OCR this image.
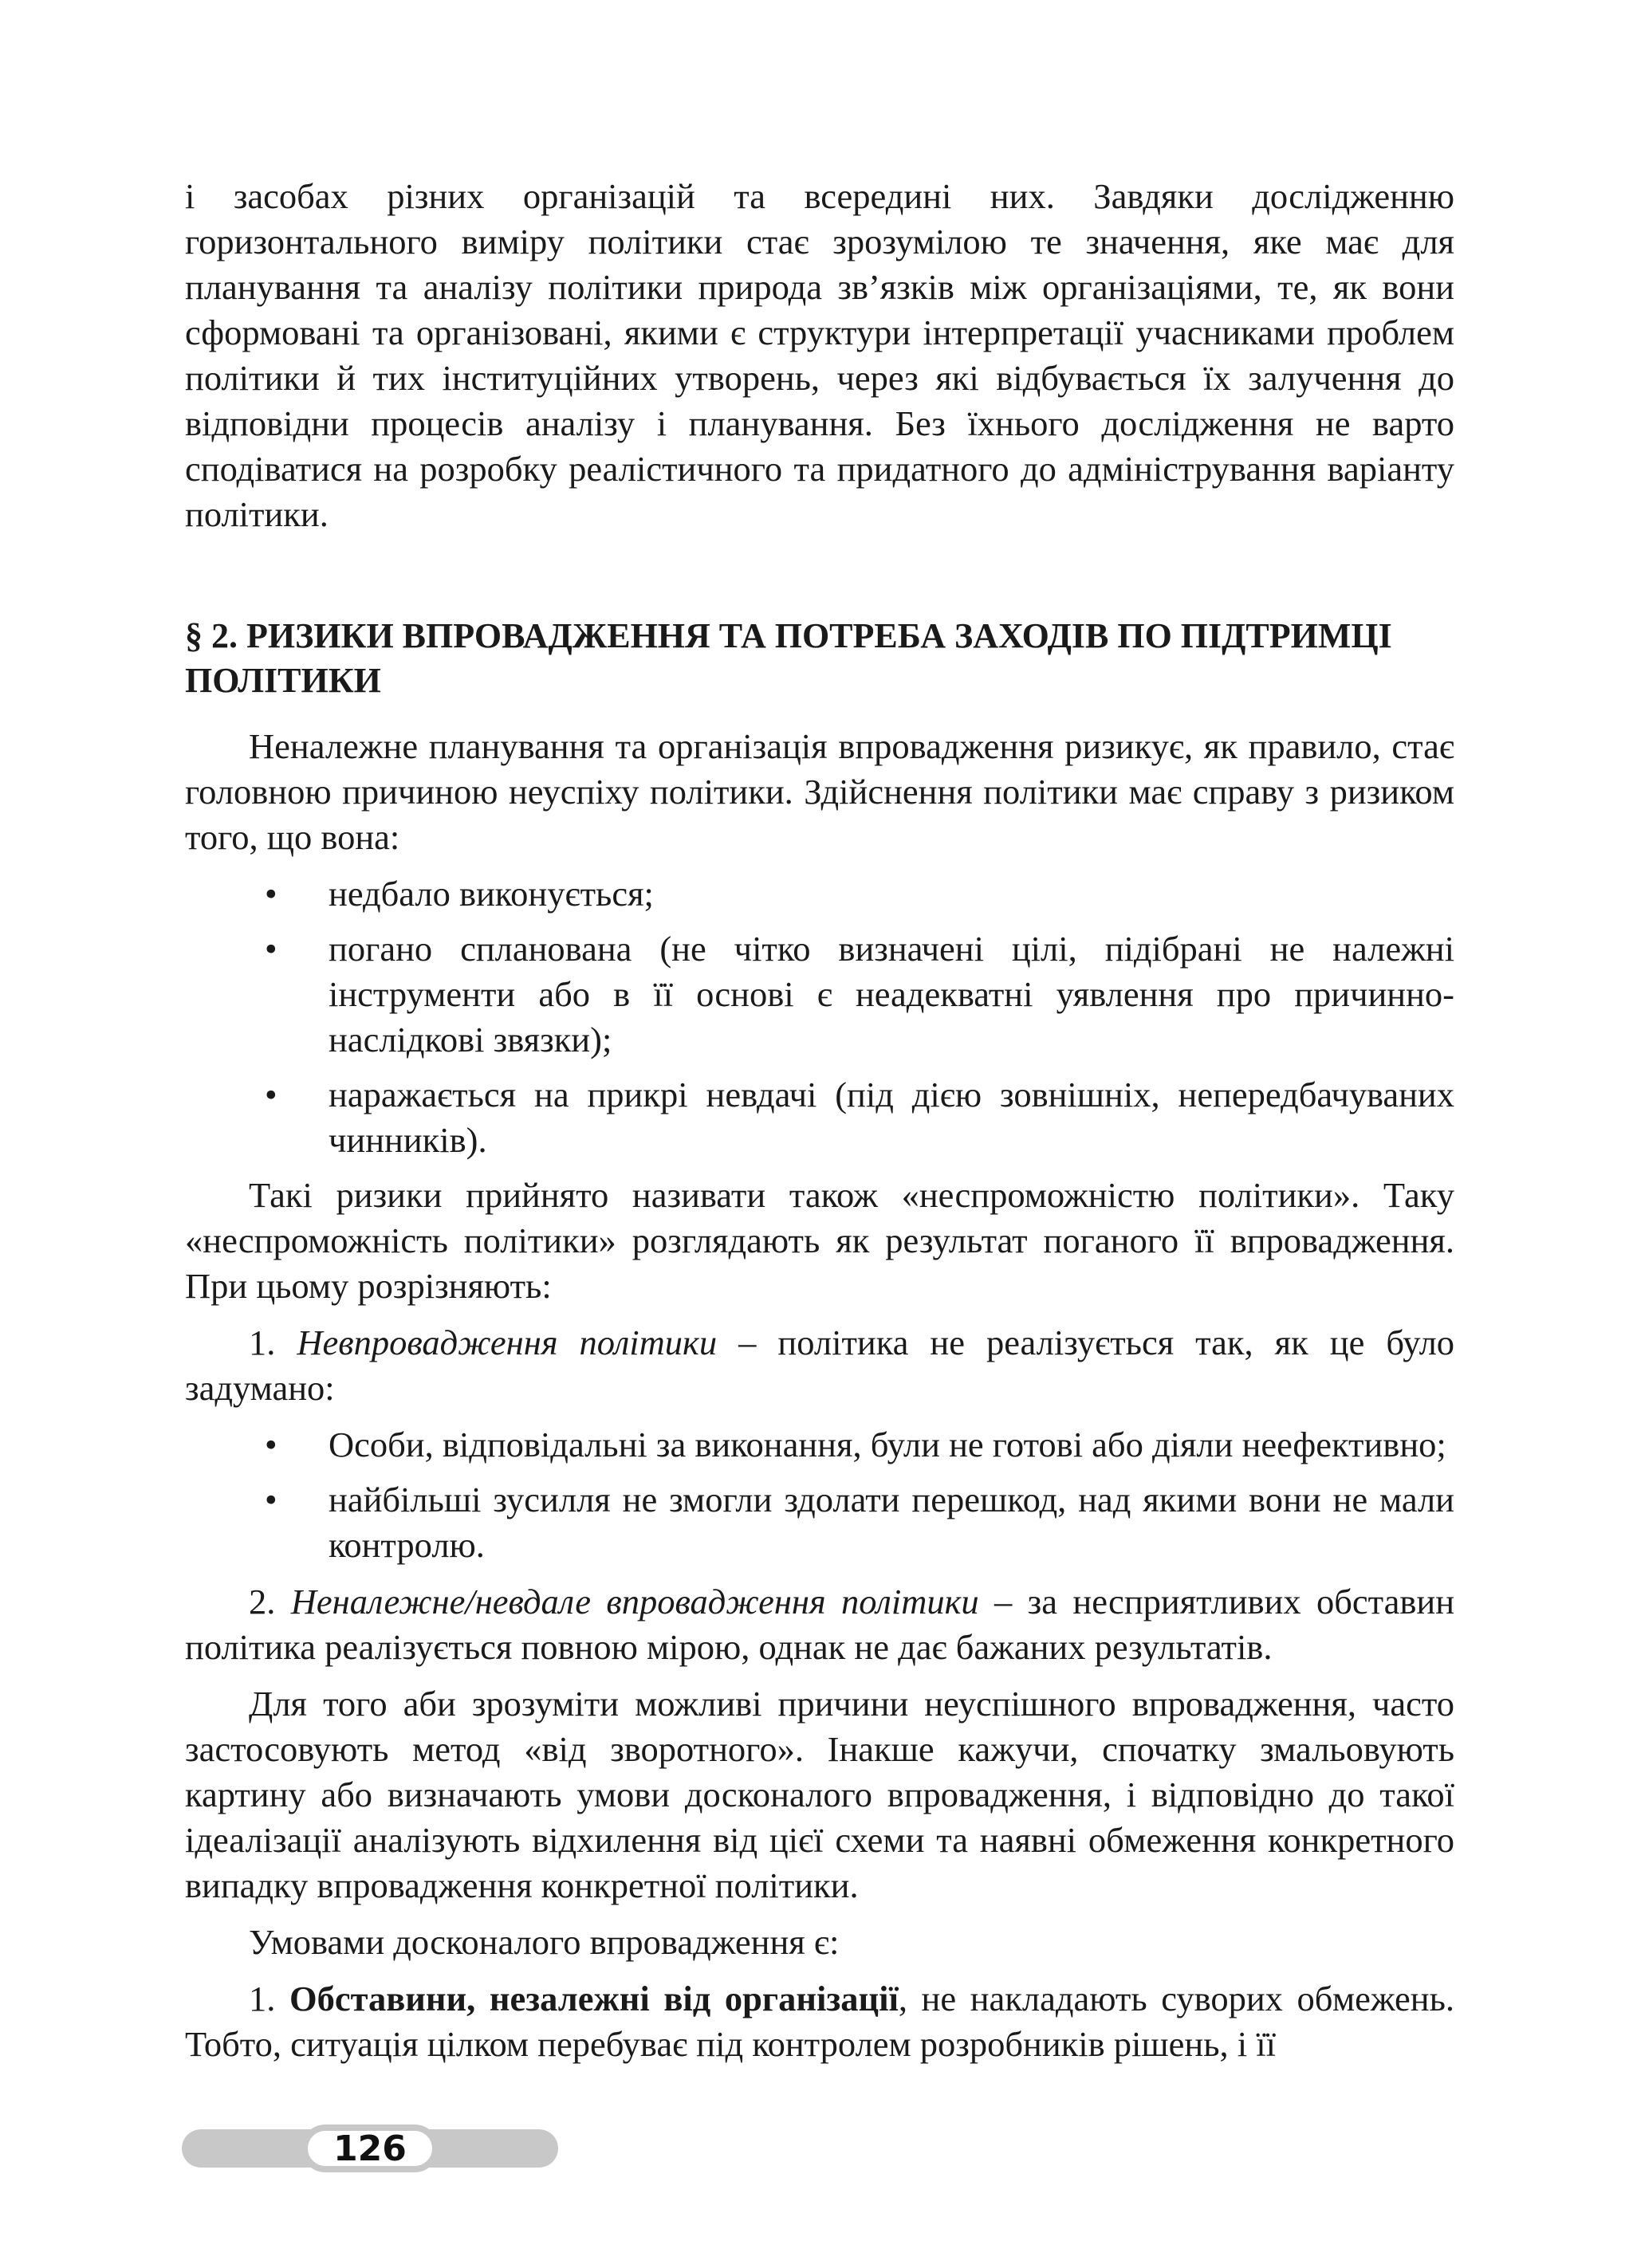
і засобах різних організацій та всередині них. Завдяки дослідженню горизонтального виміру політики стає зрозумілою те значення, яке має для планування та аналізу політики природа зв’язків між організаціями, те, як вони сформовані та організовані, якими є структури інтерпретації учасниками проблем політики й тих інституційних утворень, через які відбувається їх залучення до відповідни процесів аналізу і планування. Без їхнього дослідження не варто сподіватися на розробку реалістичного та придатного до адміністрування варіанту політики.

§ 2. РИЗИКИ ВПРОВАДЖЕННЯ ТА ПОТРЕБА ЗАХОДІВ ПО ПІДТРИМЦІ ПОЛІТИКИ

Неналежне планування та організація впровадження ризикує, як правило, стає головною причиною неуспіху політики. Здійснення політики має справу з ризиком того, що вона:

• недбало виконується;
• погано спланована (не чітко визначені цілі, підібрані не належні інструменти або в її основі є неадекватні уявлення про причинно-наслідкові звязки);
• наражається на прикрі невдачі (під дією зовнішніх, непередбачуваних чинників).

Такі ризики прийнято називати також «неспроможністю політики». Таку «неспроможність політики» розглядають як результат поганого її впровадження. При цьому розрізняють:

1. Невпровадження політики – політика не реалізується так, як це було задумано:

• Особи, відповідальні за виконання, були не готові або діяли неефективно;
• найбільші зусилля не змогли здолати перешкод, над якими вони не мали контролю.

2. Неналежне/невдале впровадження політики – за несприятливих обставин політика реалізується повною мірою, однак не дає бажаних результатів.

Для того аби зрозуміти можливі причини неуспішного впровадження, часто застосовують метод «від зворотного». Інакше кажучи, спочатку змальовують картину або визначають умови досконалого впровадження, і відповідно до такої ідеалізації аналізують відхилення від цієї схеми та наявні обмеження конкретного випадку впровадження конкретної політики.

Умовами досконалого впровадження є:

1. Обставини, незалежні від організації, не накладають суворих обмежень. Тобто, ситуація цілком перебуває під контролем розробників рішень, і її

126
